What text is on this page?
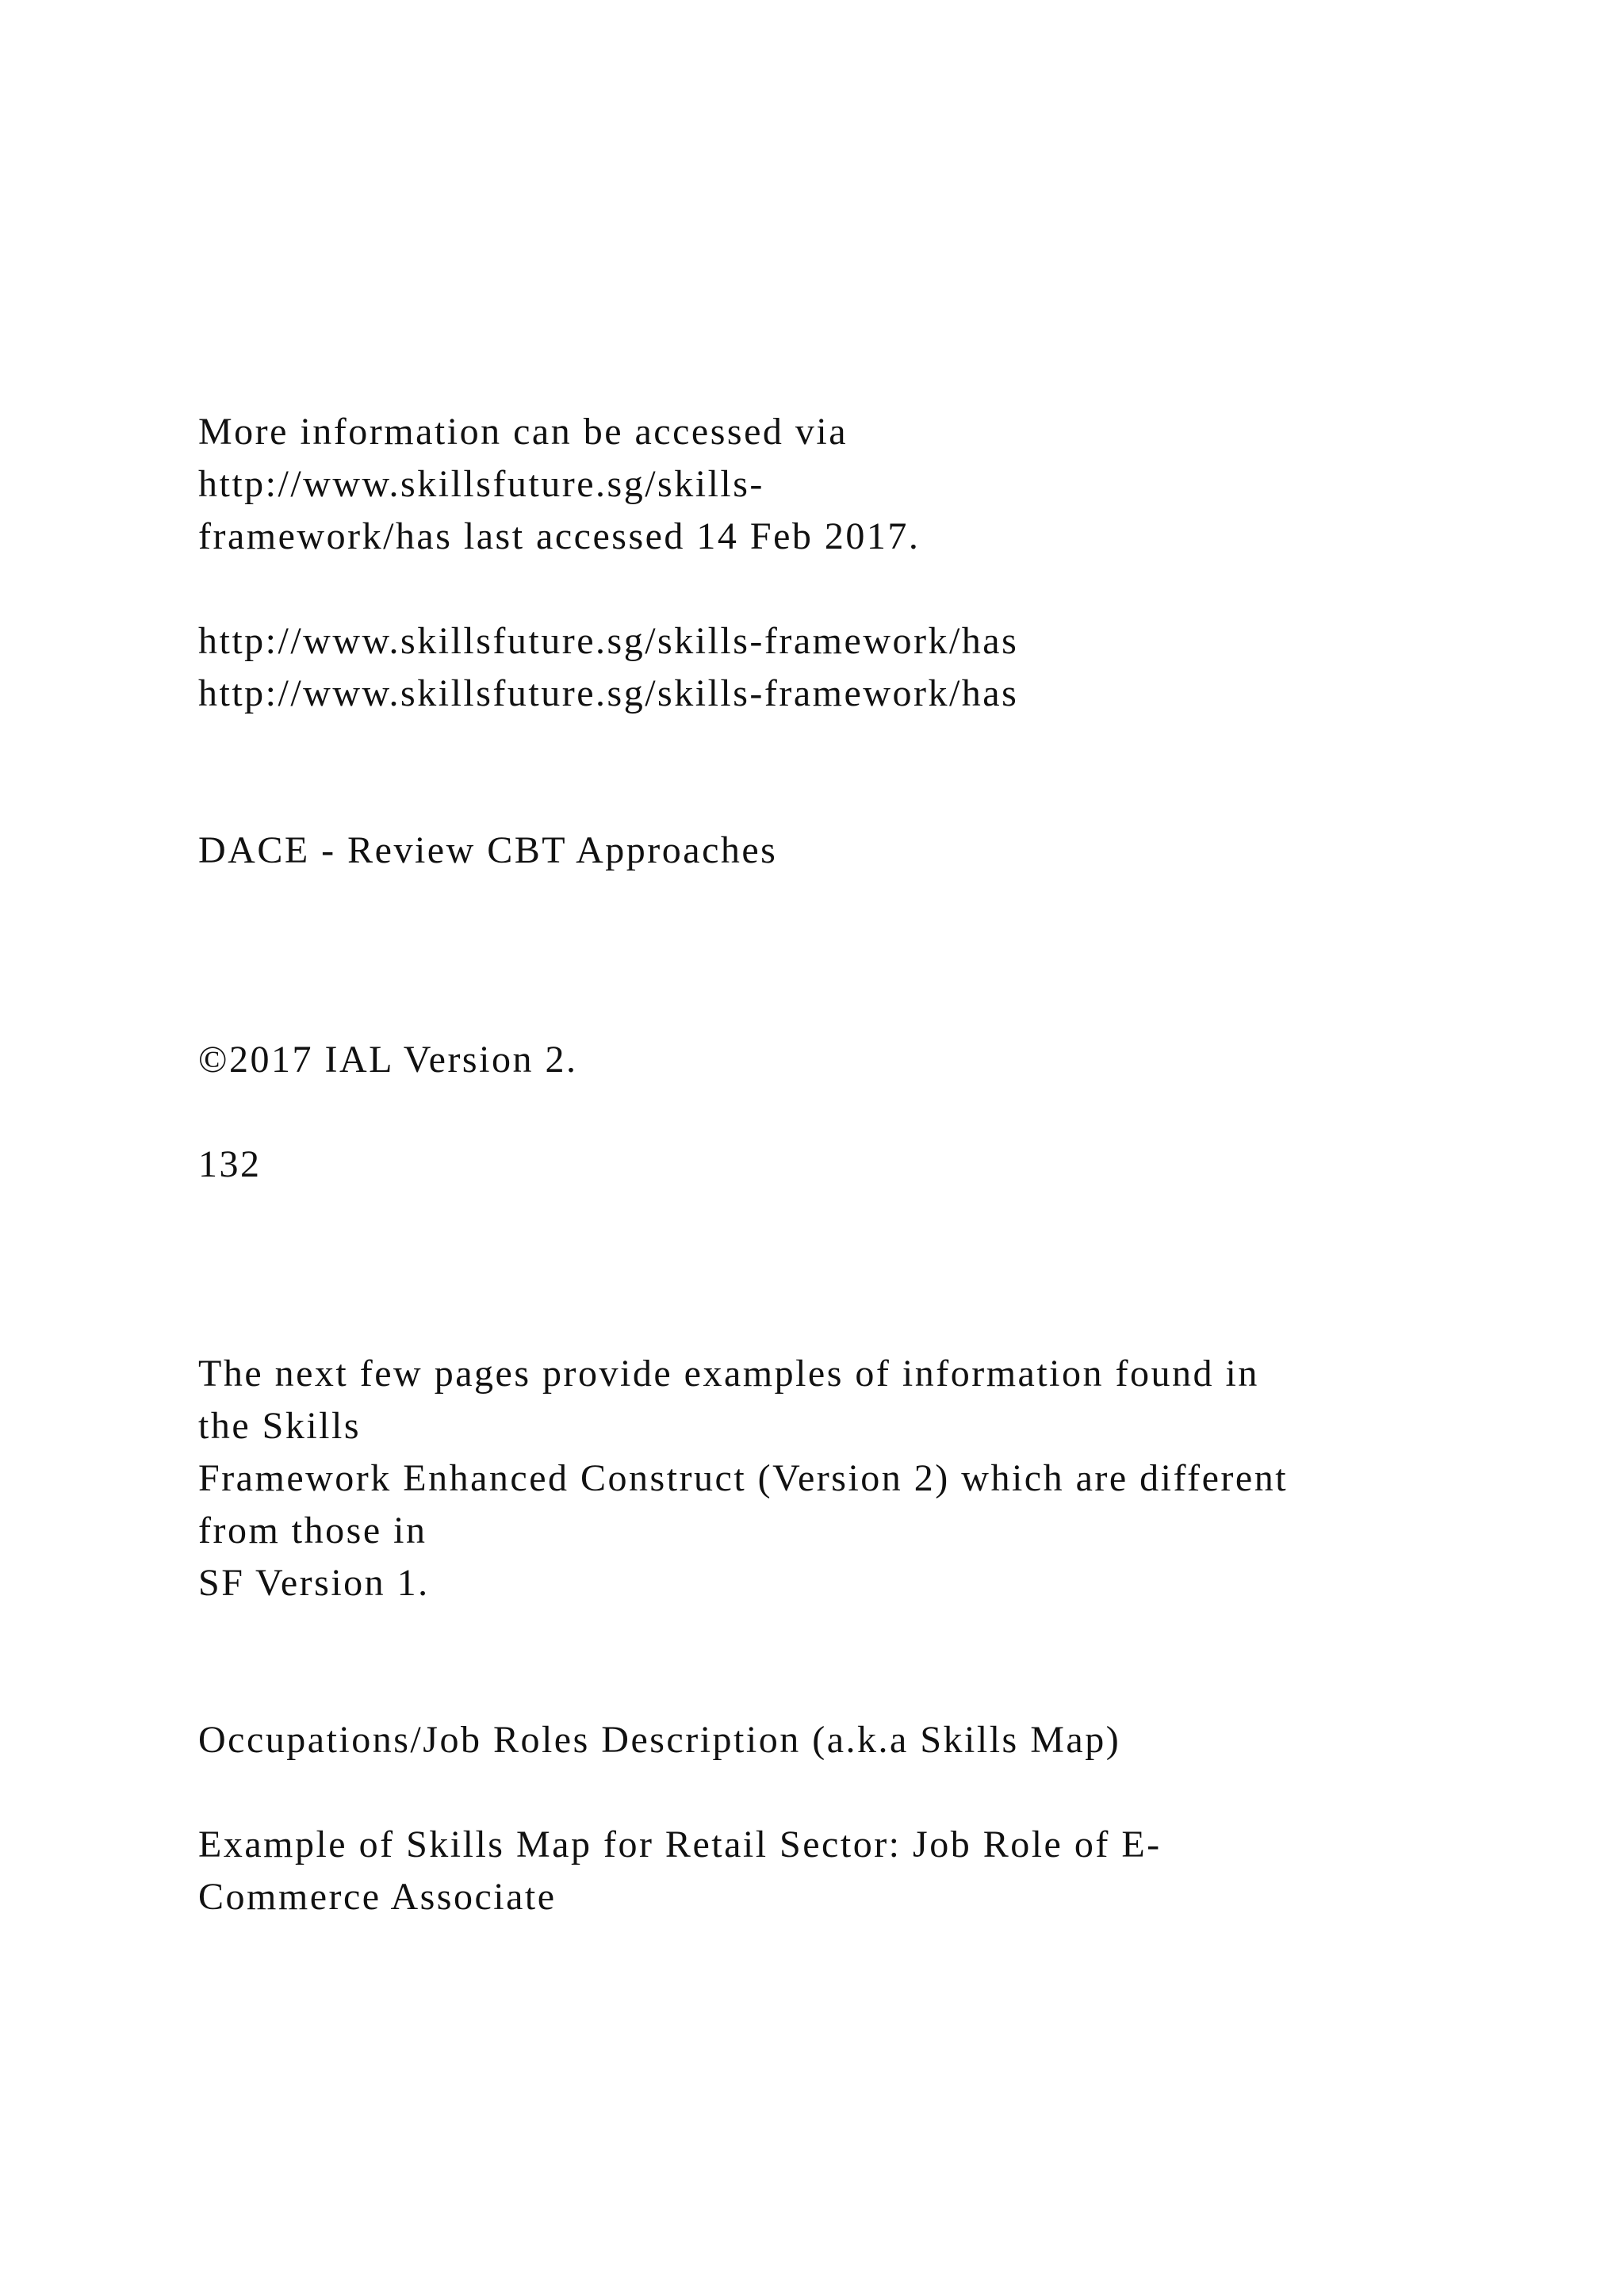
More information can be accessed via
http://www.skillsfuture.sg/skills-
framework/has last accessed 14 Feb 2017.
http://www.skillsfuture.sg/skills-framework/has
http://www.skillsfuture.sg/skills-framework/has
DACE - Review CBT Approaches
©2017 IAL Version 2.
132
The next few pages provide examples of information found in
the Skills
Framework Enhanced Construct (Version 2) which are different
from those in
SF Version 1.
Occupations/Job Roles Description (a.k.a Skills Map)
Example of Skills Map for Retail Sector: Job Role of E-
Commerce Associate
